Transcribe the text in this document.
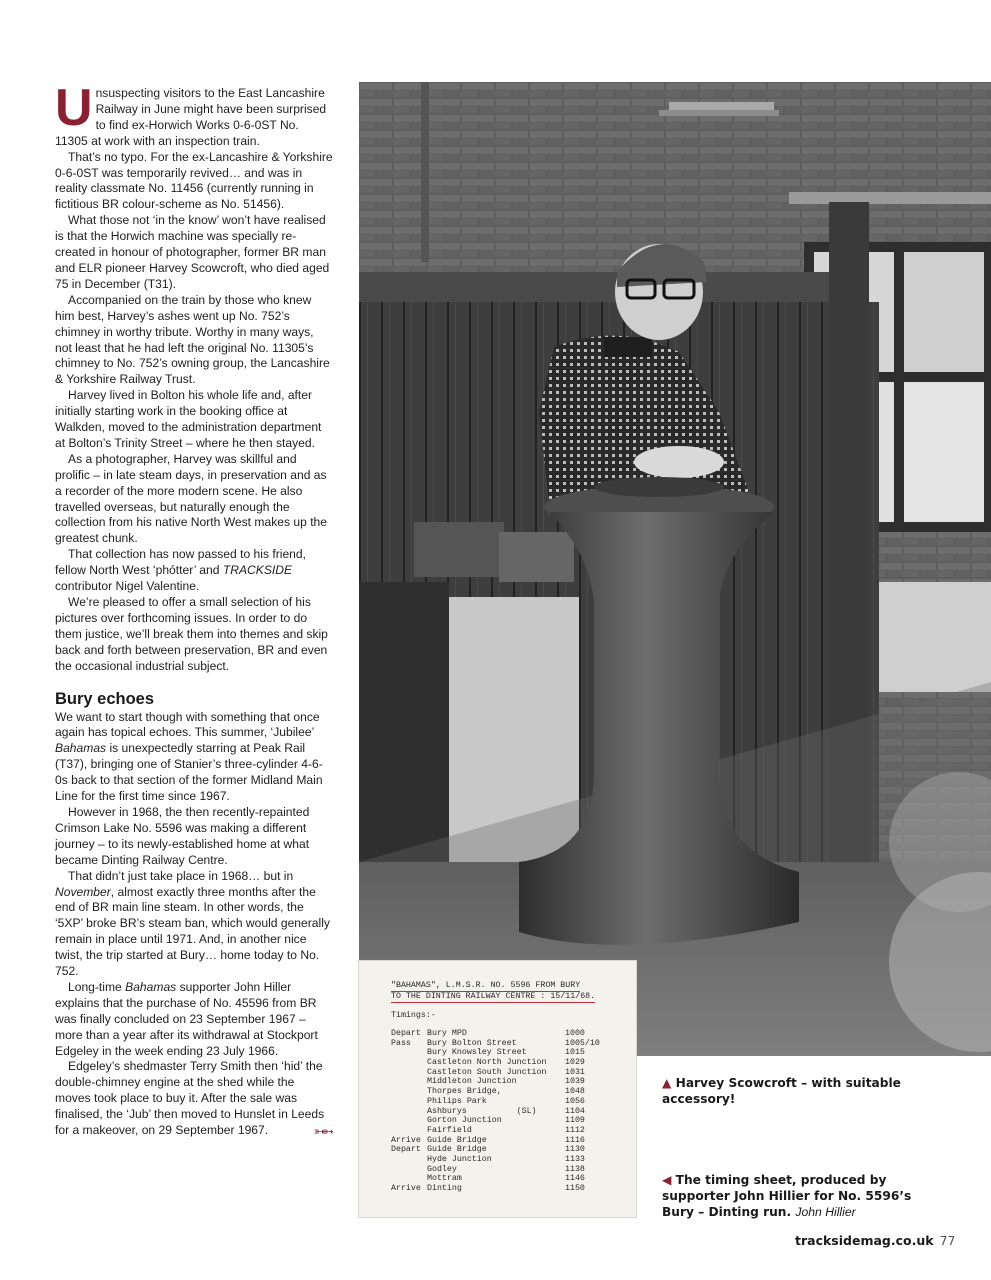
Unsuspecting visitors to the East Lancashire Railway in June might have been surprised to find ex-Horwich Works 0-6-0ST No. 11305 at work with an inspection train.

That’s no typo. For the ex-Lancashire & Yorkshire 0-6-0ST was temporarily revived… and was in reality classmate No. 11456 (currently running in fictitious BR colour-scheme as No. 51456).

What those not ‘in the know’ won’t have realised is that the Horwich machine was specially re-created in honour of photographer, former BR man and ELR pioneer Harvey Scowcroft, who died aged 75 in December (T31).

Accompanied on the train by those who knew him best, Harvey’s ashes went up No. 752’s chimney in worthy tribute. Worthy in many ways, not least that he had left the original No. 11305’s chimney to No. 752’s owning group, the Lancashire & Yorkshire Railway Trust.

Harvey lived in Bolton his whole life and, after initially starting work in the booking office at Walkden, moved to the administration department at Bolton’s Trinity Street – where he then stayed.

As a photographer, Harvey was skillful and prolific – in late steam days, in preservation and as a recorder of the more modern scene. He also travelled overseas, but naturally enough the collection from his native North West makes up the greatest chunk.

That collection has now passed to his friend, fellow North West ‘phótter’ and TRACKSIDE contributor Nigel Valentine.

We’re pleased to offer a small selection of his pictures over forthcoming issues. In order to do them justice, we’ll break them into themes and skip back and forth between preservation, BR and even the occasional industrial subject.

Bury echoes

We want to start though with something that once again has topical echoes. This summer, ‘Jubilee’ Bahamas is unexpectedly starring at Peak Rail (T37), bringing one of Stanier’s three-cylinder 4-6-0s back to that section of the former Midland Main Line for the first time since 1967.

However in 1968, the then recently-repainted Crimson Lake No. 5596 was making a different journey – to its newly-established home at what became Dinting Railway Centre.

That didn’t just take place in 1968… but in November, almost exactly three months after the end of BR main line steam. In other words, the ‘5XP’ broke BR’s steam ban, which would generally remain in place until 1971. And, in another nice twist, the trip started at Bury… home today to No. 752.

Long-time Bahamas supporter John Hiller explains that the purchase of No. 45596 from BR was finally concluded on 23 September 1967 – more than a year after its withdrawal at Stockport Edgeley in the week ending 23 July 1966.

Edgeley’s shedmaster Terry Smith then ‘hid’ the double-chimney engine at the shed while the moves took place to buy it. After the sale was finalised, the ‘Jub’ then moved to Hunslet in Leeds for a makeover, on 29 September 1967.	➳➳

"BAHAMAS", L.M.S.R. NO. 5596 FROM BURY
TO THE DINTING RAILWAY CENTRE : 15/11/68.
Timings:-
Depart Bury MPD	1000
Pass	Bury Bolton Street	1005/10
Bury Knowsley Street	1015
Castleton North Junction	1029
Castleton South Junction	1031
Middleton Junction	1039
Thorpes Bridge,	1048
Philips Park	1056
Ashburys          (SL)	1104
Gorton Junction	1109
Fairfield	1112
Arrive Guide Bridge	1116
Depart Guide Bridge	1130
Hyde Junction	1133
Godley	1138
Mottram	1146
Arrive Dinting	1150
▲ Harvey Scowcroft – with suitable accessory!
◀ The timing sheet, produced by supporter John Hillier for No. 5596’s Bury – Dinting run. John Hillier
tracksidemag.co.uk 77
